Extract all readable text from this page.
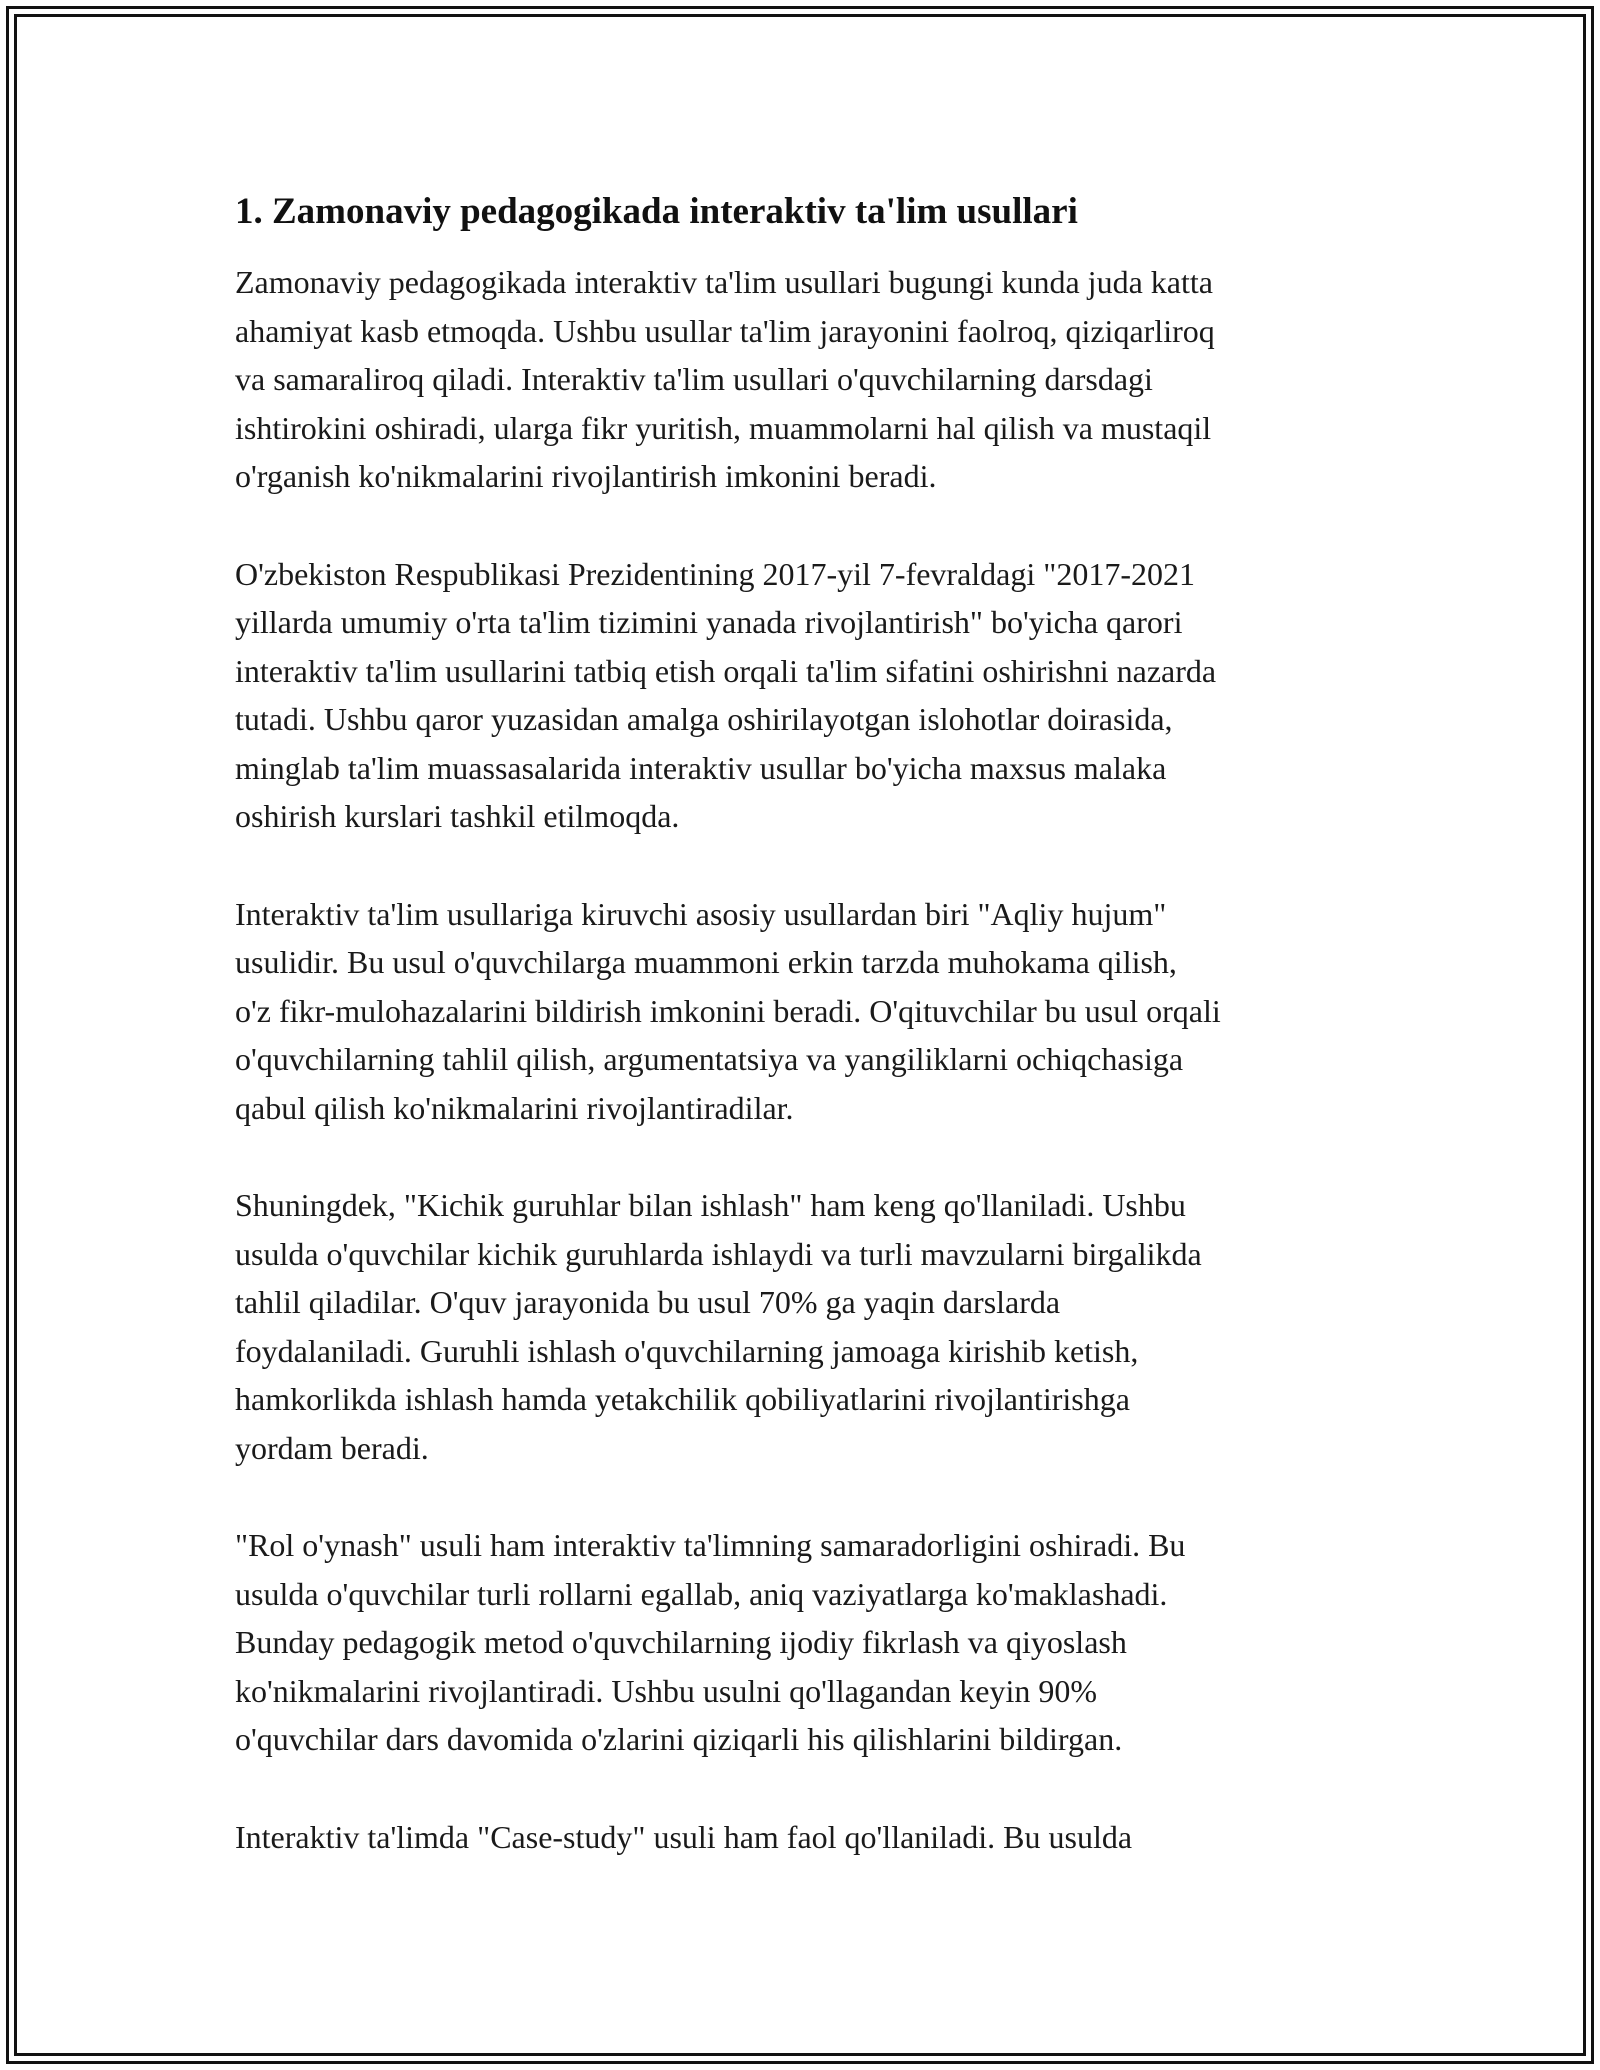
1. Zamonaviy pedagogikada interaktiv ta'lim usullari

Zamonaviy pedagogikada interaktiv ta'lim usullari bugungi kunda juda katta
ahamiyat kasb etmoqda. Ushbu usullar ta'lim jarayonini faolroq, qiziqarliroq
va samaraliroq qiladi. Interaktiv ta'lim usullari o'quvchilarning darsdagi
ishtirokini oshiradi, ularga fikr yuritish, muammolarni hal qilish va mustaqil
o'rganish ko'nikmalarini rivojlantirish imkonini beradi.

O'zbekiston Respublikasi Prezidentining 2017-yil 7-fevraldagi "2017-2021
yillarda umumiy o'rta ta'lim tizimini yanada rivojlantirish" bo'yicha qarori
interaktiv ta'lim usullarini tatbiq etish orqali ta'lim sifatini oshirishni nazarda
tutadi. Ushbu qaror yuzasidan amalga oshirilayotgan islohotlar doirasida,
minglab ta'lim muassasalarida interaktiv usullar bo'yicha maxsus malaka
oshirish kurslari tashkil etilmoqda.

Interaktiv ta'lim usullariga kiruvchi asosiy usullardan biri "Aqliy hujum"
usulidir. Bu usul o'quvchilarga muammoni erkin tarzda muhokama qilish,
o'z fikr-mulohazalarini bildirish imkonini beradi. O'qituvchilar bu usul orqali
o'quvchilarning tahlil qilish, argumentatsiya va yangiliklarni ochiqchasiga
qabul qilish ko'nikmalarini rivojlantiradilar.

Shuningdek, "Kichik guruhlar bilan ishlash" ham keng qo'llaniladi. Ushbu
usulda o'quvchilar kichik guruhlarda ishlaydi va turli mavzularni birgalikda
tahlil qiladilar. O'quv jarayonida bu usul 70% ga yaqin darslarda
foydalaniladi. Guruhli ishlash o'quvchilarning jamoaga kirishib ketish,
hamkorlikda ishlash hamda yetakchilik qobiliyatlarini rivojlantirishga
yordam beradi.

"Rol o'ynash" usuli ham interaktiv ta'limning samaradorligini oshiradi. Bu
usulda o'quvchilar turli rollarni egallab, aniq vaziyatlarga ko'maklashadi.
Bunday pedagogik metod o'quvchilarning ijodiy fikrlash va qiyoslash
ko'nikmalarini rivojlantiradi. Ushbu usulni qo'llagandan keyin 90%
o'quvchilar dars davomida o'zlarini qiziqarli his qilishlarini bildirgan.

Interaktiv ta'limda "Case-study" usuli ham faol qo'llaniladi. Bu usulda
